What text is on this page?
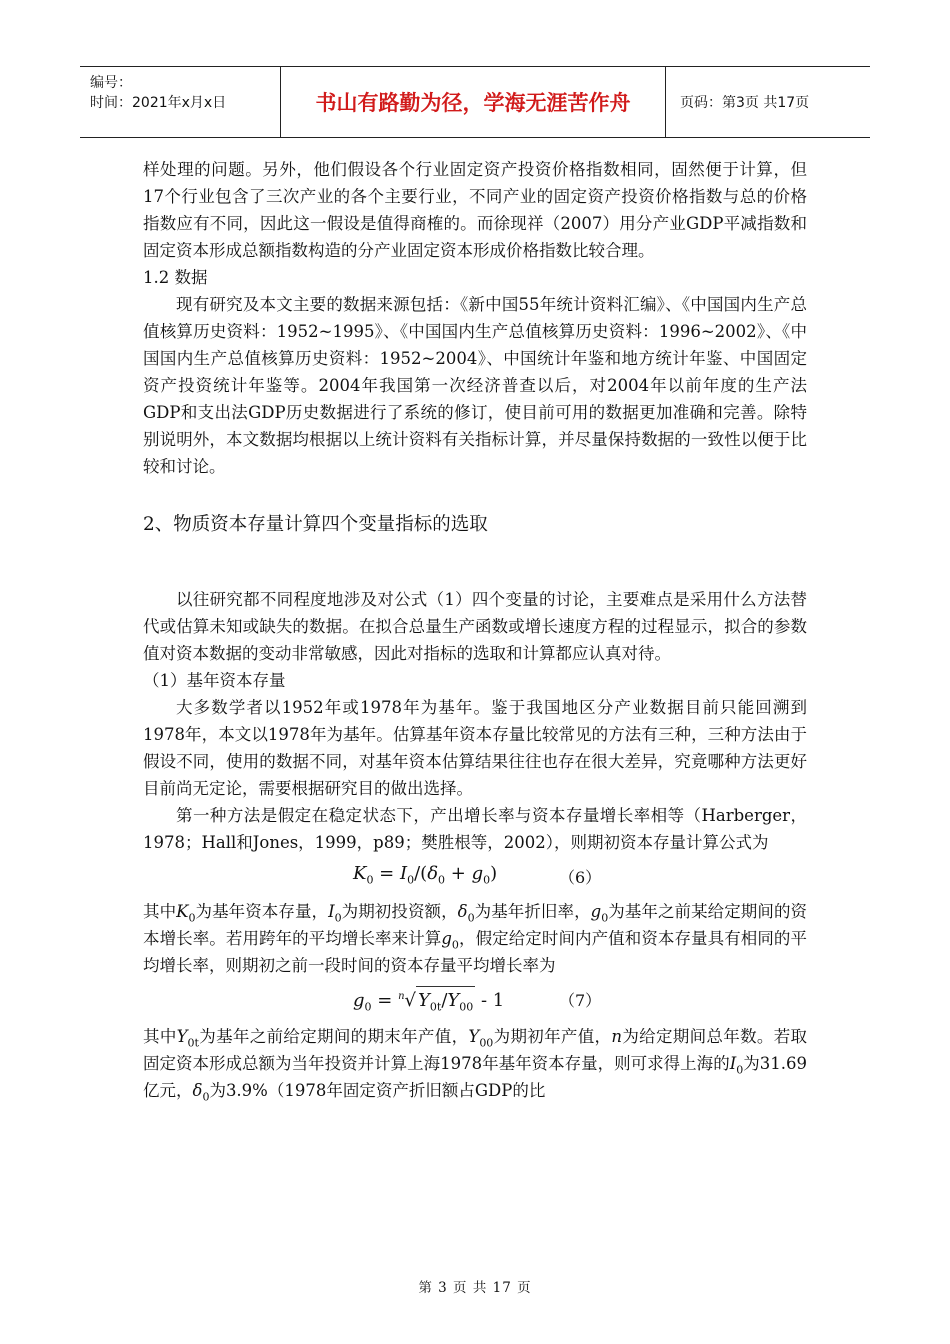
编号：
时间：2021年x月x日	书山有路勤为径，学海无涯苦作舟	页码：第3页 共17页

样处理的问题。另外，他们假设各个行业固定资产投资价格指数相同，固然便于计算，但17个行业包含了三次产业的各个主要行业，不同产业的固定资产投资价格指数与总的价格指数应有不同，因此这一假设是值得商榷的。而徐现祥（2007）用分产业GDP平减指数和固定资本形成总额指数构造的分产业固定资本形成价格指数比较合理。

1.2 数据

现有研究及本文主要的数据来源包括：《新中国55年统计资料汇编》、《中国国内生产总值核算历史资料：1952~1995》、《中国国内生产总值核算历史资料：1996~2002》、《中国国内生产总值核算历史资料：1952~2004》、中国统计年鉴和地方统计年鉴、中国固定资产投资统计年鉴等。2004年我国第一次经济普查以后，对2004年以前年度的生产法GDP和支出法GDP历史数据进行了系统的修订，使目前可用的数据更加准确和完善。除特别说明外，本文数据均根据以上统计资料有关指标计算，并尽量保持数据的一致性以便于比较和讨论。

2、物质资本存量计算四个变量指标的选取

以往研究都不同程度地涉及对公式（1）四个变量的讨论，主要难点是采用什么方法替代或估算未知或缺失的数据。在拟合总量生产函数或增长速度方程的过程显示，拟合的参数值对资本数据的变动非常敏感，因此对指标的选取和计算都应认真对待。

（1）基年资本存量

大多数学者以1952年或1978年为基年。鉴于我国地区分产业数据目前只能回溯到1978年，本文以1978年为基年。估算基年资本存量比较常见的方法有三种，三种方法由于假设不同，使用的数据不同，对基年资本估算结果往往也存在很大差异，究竟哪种方法更好目前尚无定论，需要根据研究目的做出选择。

第一种方法是假定在稳定状态下，产出增长率与资本存量增长率相等（Harberger，1978；Hall和Jones，1999，p89；樊胜根等，2002），则期初资本存量计算公式为

$K_0 = I_0/(\delta_0 + g_0)$	（6）

其中$K_0$为基年资本存量，$I_0$为期初投资额，$\delta_0$为基年折旧率，$g_0$为基年之前某给定期间的资本增长率。若用跨年的平均增长率来计算$g_0$，假定给定时间内产值和资本存量具有相同的平均增长率，则期初之前一段时间的资本存量平均增长率为

$g_0 = ^n√$ $Y_{0t}/Y_{00} - 1$	（7）

其中$Y_{0t}$为基年之前给定期间的期末年产值，$Y_{00}$为期初年产值，n为给定期间总年数。若取固定资本形成总额为当年投资并计算上海1978年基年资本存量，则可求得上海的$I_0$为31.69亿元，$\delta_0$为3.9%（1978年固定资产折旧额占GDP的比

第 3 页 共 17 页
